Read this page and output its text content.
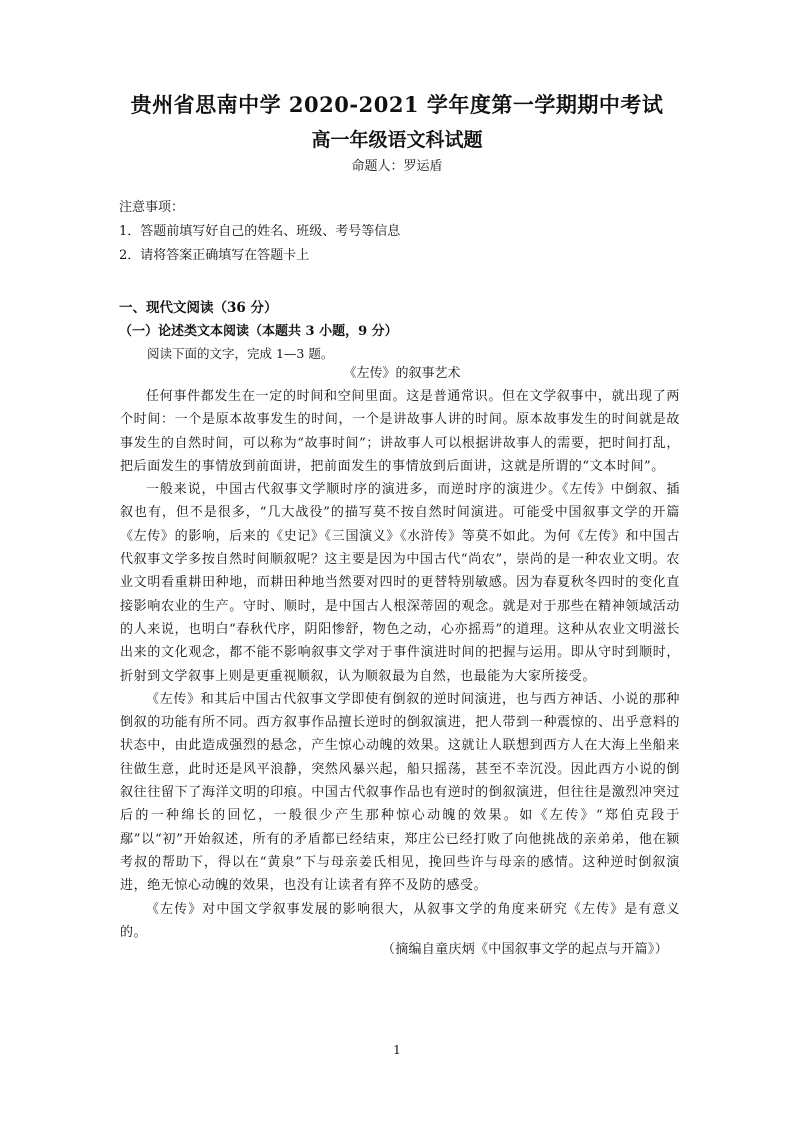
贵州省思南中学 2020-2021 学年度第一学期期中考试
高一年级语文科试题
命题人：罗运盾
注意事项：
1．答题前填写好自己的姓名、班级、考号等信息
2．请将答案正确填写在答题卡上
一、现代文阅读（36 分）
（一）论述类文本阅读（本题共 3 小题，9 分）
阅读下面的文字，完成 1—3 题。
《左传》的叙事艺术

任何事件都发生在一定的时间和空间里面。这是普通常识。但在文学叙事中，就出现了两个时间：一个是原本故事发生的时间，一个是讲故事人讲的时间。原本故事发生的时间就是故事发生的自然时间，可以称为“故事时间”；讲故事人可以根据讲故事人的需要，把时间打乱，把后面发生的事情放到前面讲，把前面发生的事情放到后面讲，这就是所谓的“文本时间”。

一般来说，中国古代叙事文学顺时序的演进多，而逆时序的演进少。《左传》中倒叙、插叙也有，但不是很多，“几大战役”的描写莫不按自然时间演进。可能受中国叙事文学的开篇《左传》的影响，后来的《史记》《三国演义》《水浒传》等莫不如此。为何《左传》和中国古代叙事文学多按自然时间顺叙呢？这主要是因为中国古代“尚农”，崇尚的是一种农业文明。农业文明看重耕田种地，而耕田种地当然要对四时的更替特别敏感。因为春夏秋冬四时的变化直接影响农业的生产。守时、顺时，是中国古人根深蒂固的观念。就是对于那些在精神领域活动的人来说，也明白“春秋代序，阴阳惨舒，物色之动，心亦摇焉”的道理。这种从农业文明滋长出来的文化观念，都不能不影响叙事文学对于事件演进时间的把握与运用。即从守时到顺时，折射到文学叙事上则是更重视顺叙，认为顺叙最为自然，也最能为大家所接受。

《左传》和其后中国古代叙事文学即使有倒叙的逆时间演进，也与西方神话、小说的那种倒叙的功能有所不同。西方叙事作品擅长逆时的倒叙演进，把人带到一种震惊的、出乎意料的状态中，由此造成强烈的悬念，产生惊心动魄的效果。这就让人联想到西方人在大海上坐船来往做生意，此时还是风平浪静，突然风暴兴起，船只摇荡，甚至不幸沉没。因此西方小说的倒叙往往留下了海洋文明的印痕。中国古代叙事作品也有逆时的倒叙演进，但往往是激烈冲突过后的一种绵长的回忆，一般很少产生那种惊心动魄的效果。如《左传》“郑伯克段于鄢”以“初”开始叙述，所有的矛盾都已经结束，郑庄公已经打败了向他挑战的亲弟弟，他在颍考叔的帮助下，得以在“黄泉”下与母亲姜氏相见，挽回些许与母亲的感情。这种逆时倒叙演进，绝无惊心动魄的效果，也没有让读者有猝不及防的感受。

《左传》对中国文学叙事发展的影响很大，从叙事文学的角度来研究《左传》是有意义的。

（摘编自童庆炳《中国叙事文学的起点与开篇》）
1
